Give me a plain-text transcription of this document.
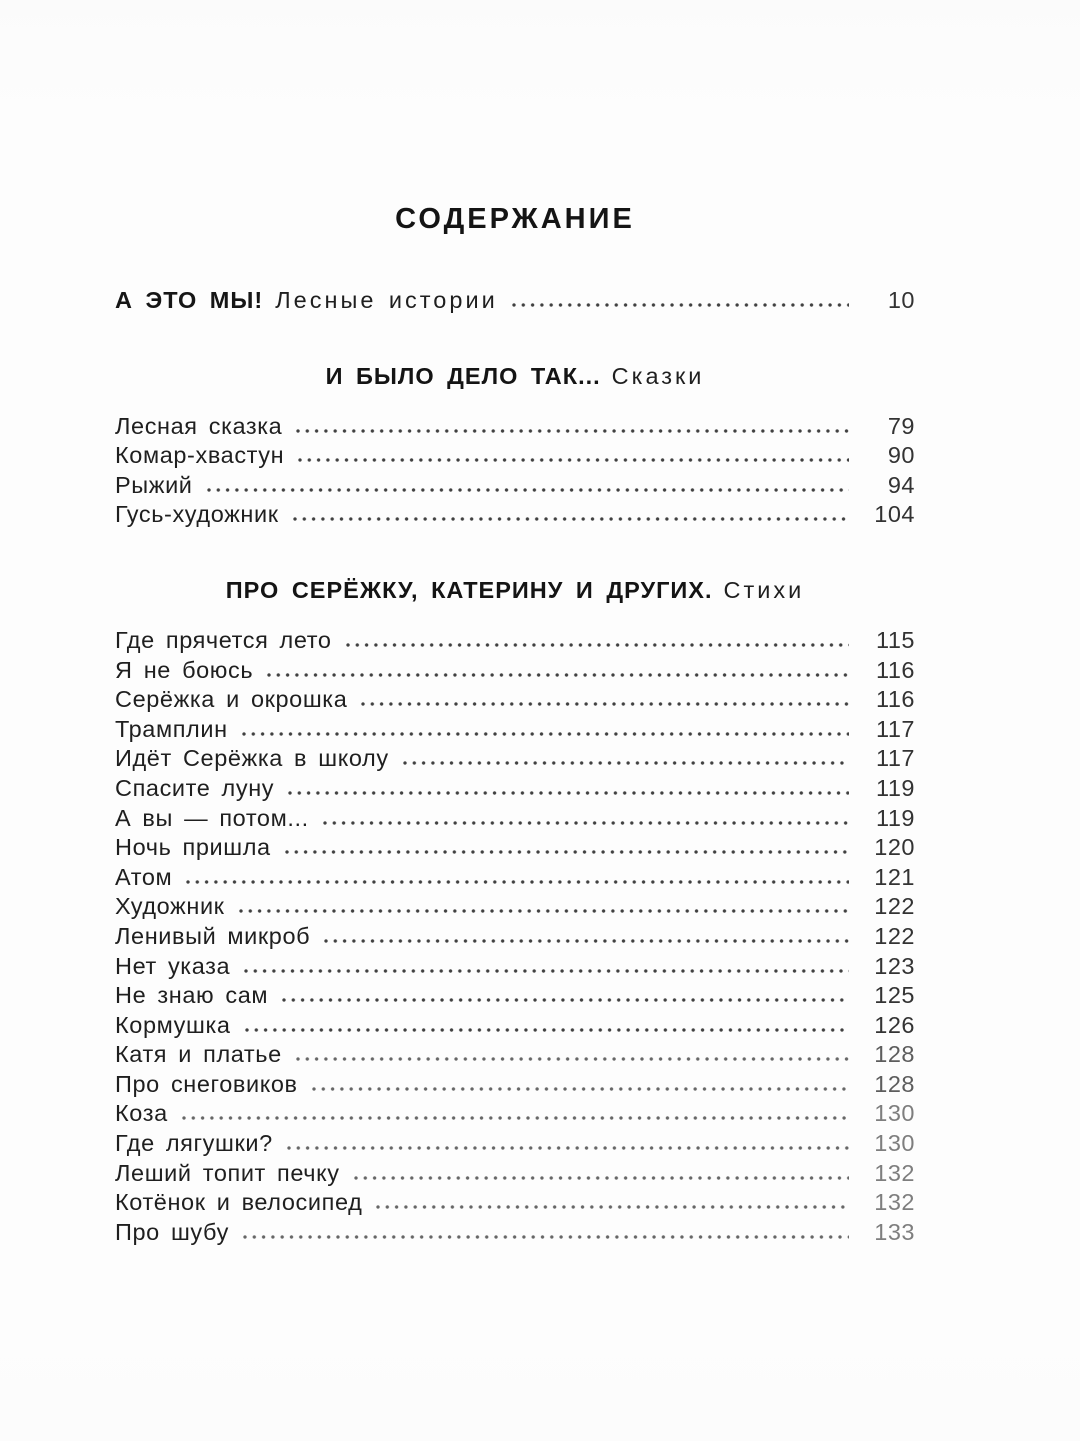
СОДЕРЖАНИЕ
А ЭТО МЫ! Лесные истории	10
И БЫЛО ДЕЛО ТАК... Сказки
Лесная сказка	79
Комар-хвастун	90
Рыжий	94
Гусь-художник	104
ПРО СЕРЁЖКУ, КАТЕРИНУ И ДРУГИХ. Стихи
Где прячется лето	115
Я не боюсь	116
Серёжка и окрошка	116
Трамплин	117
Идёт Серёжка в школу	117
Спасите луну	119
А вы — потом...	119
Ночь пришла	120
Атом	121
Художник	122
Ленивый микроб	122
Нет указа	123
Не знаю сам	125
Кормушка	126
Катя и платье	128
Про снеговиков	128
Коза	130
Где лягушки?	130
Леший топит печку	132
Котёнок и велосипед	132
Про шубу	133
